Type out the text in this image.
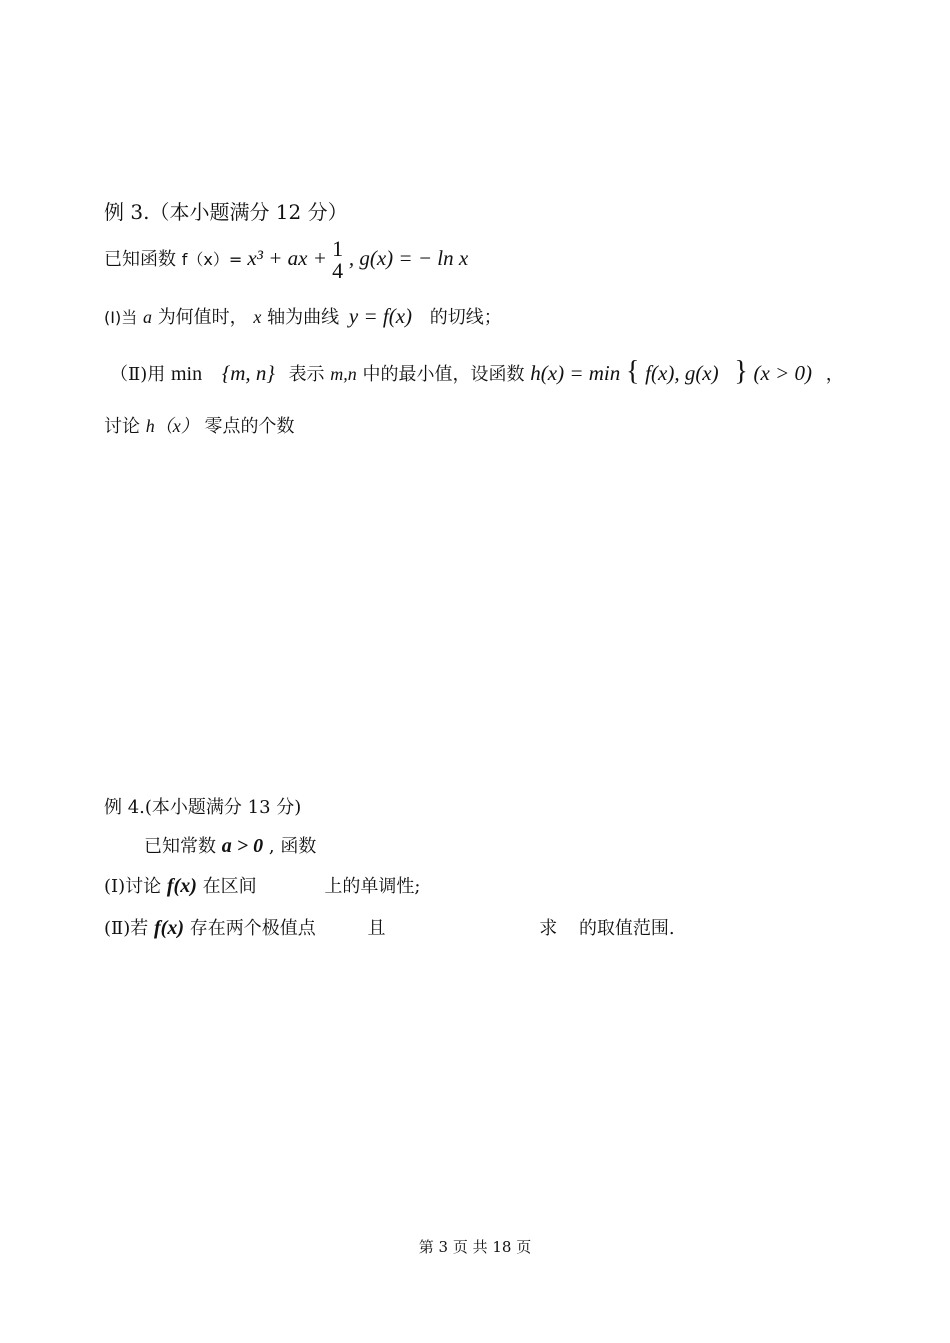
例 3.（本小题满分 12 分）
已知函数 f（x）= x³ + ax + 1
4 , g(x) = − ln x
(Ⅰ)当 a 为何值时， x 轴为曲线 y = f(x) 的切线；
（Ⅱ)用 min {m, n} 表示 m,n 中的最小值，设函数 h(x) = min { f(x), g(x) } (x > 0) ，
讨论 h（x） 零点的个数
例 4.(本小题满分 13 分)
已知常数 a > 0 , 函数
(Ⅰ)讨论 f(x) 在区间	上的单调性;
(Ⅱ)若 f(x) 存在两个极值点	且	求 的取值范围.
第 3 页 共 18 页
